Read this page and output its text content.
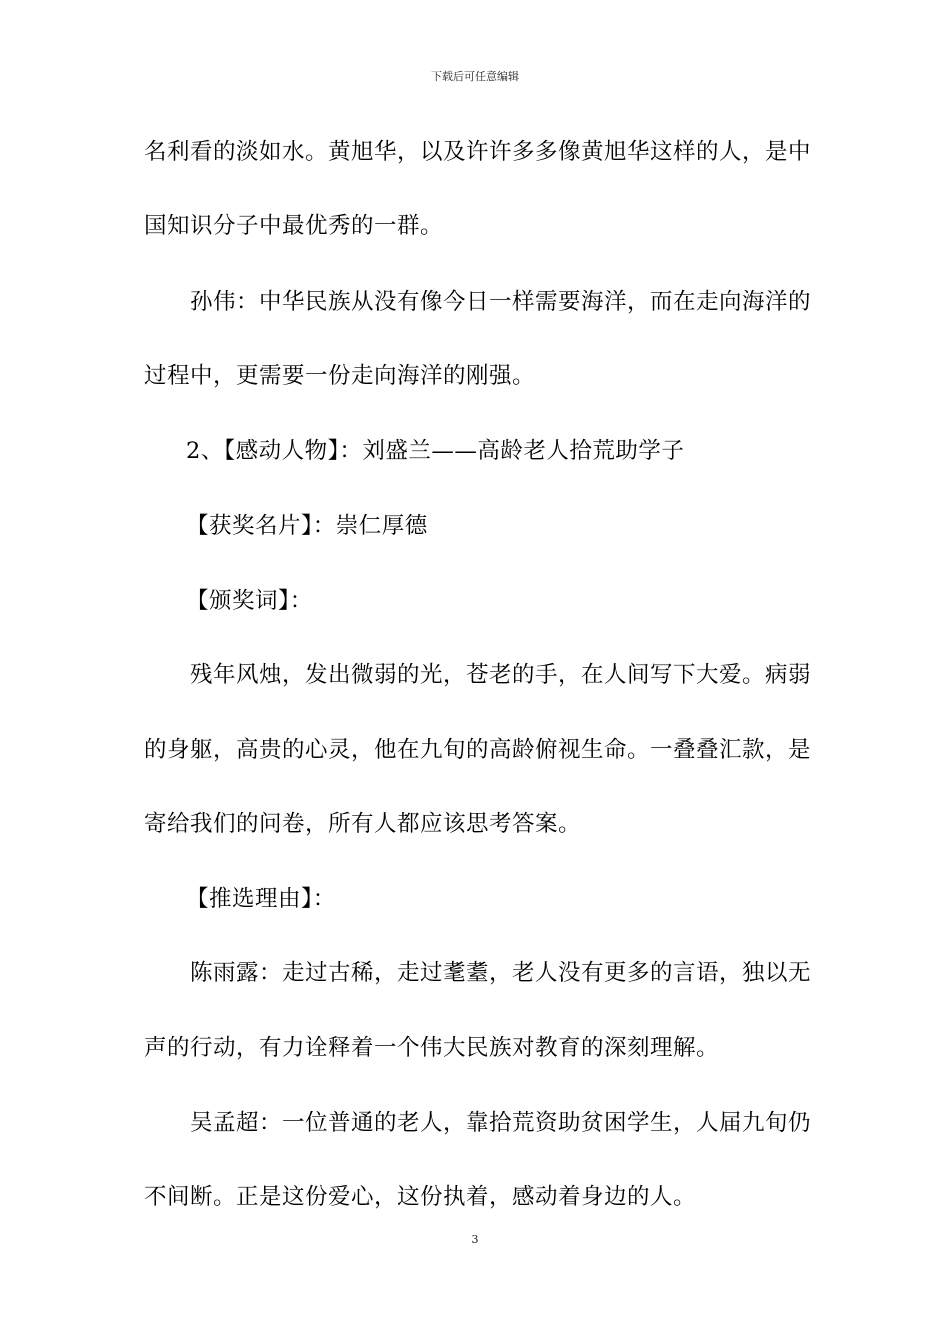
下载后可任意编辑
名利看的淡如水。黄旭华，以及许许多多像黄旭华这样的人，是中
国知识分子中最优秀的一群。
孙伟：中华民族从没有像今日一样需要海洋，而在走向海洋的
过程中，更需要一份走向海洋的刚强。
2、【感动人物】：刘盛兰——高龄老人拾荒助学子
【获奖名片】：崇仁厚德
【颁奖词】：
残年风烛，发出微弱的光，苍老的手，在人间写下大爱。病弱
的身躯，高贵的心灵，他在九旬的高龄俯视生命。一叠叠汇款，是
寄给我们的问卷，所有人都应该思考答案。
【推选理由】：
陈雨露：走过古稀，走过耄耋，老人没有更多的言语，独以无
声的行动，有力诠释着一个伟大民族对教育的深刻理解。
吴孟超：一位普通的老人，靠拾荒资助贫困学生，人届九旬仍
不间断。正是这份爱心，这份执着，感动着身边的人。
3
